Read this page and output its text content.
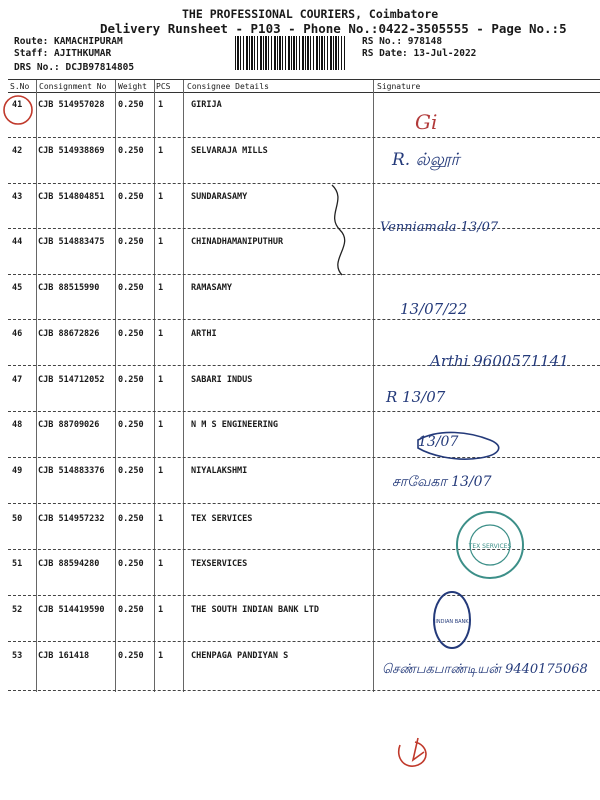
THE PROFESSIONAL COURIERS, Coimbatore
Delivery Runsheet - P103 - Phone No.:0422-3505555 - Page No.:5
Route: KAMACHIPURAM
Staff: AJITHKUMAR
DRS No.: DCJB97814805
RS No.: 978148
RS Date: 13-Jul-2022
S.No Consignment No Weight PCS Consignee Details	Signature
41 CJB 514957028 0.250 1	GIRIJA
42 CJB 514938869 0.250 1	SELVARAJA MILLS
43 CJB 514804851 0.250 1	SUNDARASAMY
44 CJB 514883475 0.250 1	CHINADHAMANIPUTHUR
45 CJB 88515990 0.250 1	RAMASAMY
46 CJB 88672826 0.250 1	ARTHI
47 CJB 514712052 0.250 1	SABARI INDUS
48 CJB 88709026 0.250 1	N M S ENGINEERING
49 CJB 514883376 0.250 1	NIYALAKSHMI
50 CJB 514957232 0.250 1	TEX SERVICES
51 CJB 88594280 0.250 1	TEXSERVICES
52 CJB 514419590 0.250 1	THE SOUTH INDIAN BANK LTD
53 CJB 161418	0.250 1	CHENPAGA PANDIYAN S
Gi
R. ல்லூர்
Venniamala 13/07
13/07/22
Arthi 9600571141
R 13/07
13/07
சாவேகா 13/07
செண்பகபாண்டியன் 9440175068
TEX SERVICES
INDIAN BANK
